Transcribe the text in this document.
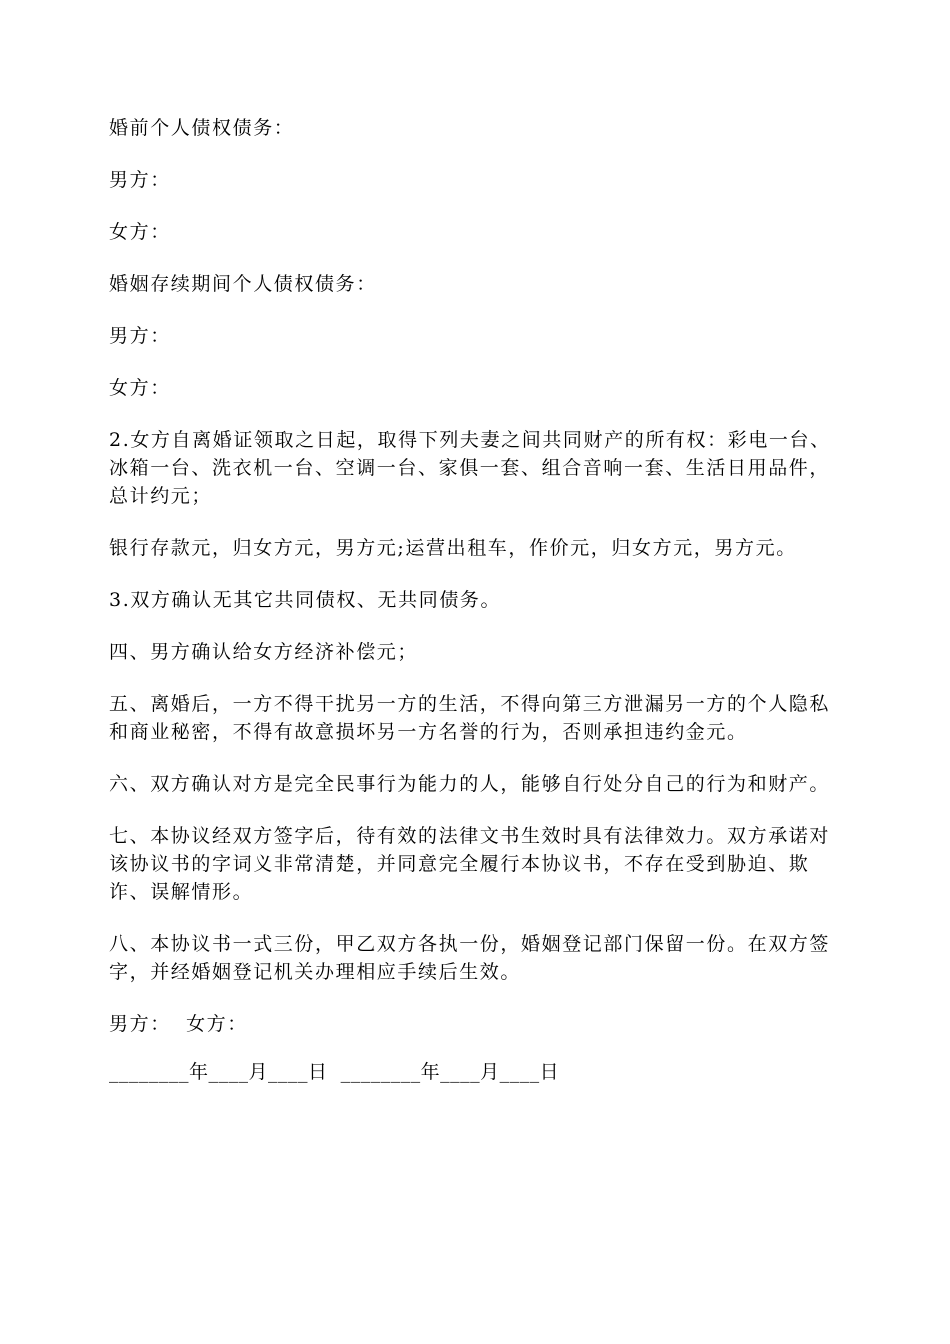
婚前个人债权债务：

男方：

女方：

婚姻存续期间个人债权债务：

男方：

女方：

2.女方自离婚证领取之日起，取得下列夫妻之间共同财产的所有权：彩电一台、冰箱一台、洗衣机一台、空调一台、家俱一套、组合音响一套、生活日用品件，总计约元；

银行存款元，归女方元，男方元;运营出租车，作价元，归女方元，男方元。

3.双方确认无其它共同债权、无共同债务。

四、男方确认给女方经济补偿元；

五、离婚后，一方不得干扰另一方的生活，不得向第三方泄漏另一方的个人隐私和商业秘密，不得有故意损坏另一方名誉的行为，否则承担违约金元。

六、双方确认对方是完全民事行为能力的人，能够自行处分自己的行为和财产。

七、本协议经双方签字后，待有效的法律文书生效时具有法律效力。双方承诺对该协议书的字词义非常清楚，并同意完全履行本协议书，不存在受到胁迫、欺诈、误解情形。

八、本协议书一式三份，甲乙双方各执一份，婚姻登记部门保留一份。在双方签字，并经婚姻登记机关办理相应手续后生效。

男方：  女方：

________年____月____日  ________年____月____日
